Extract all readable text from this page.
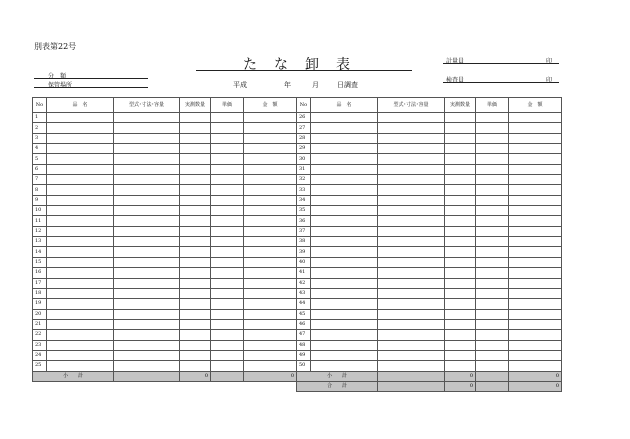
別表第22号
たな卸表
分　類
保管場所	平成	年	月	日調査
計量員	印
検査員	印
No	品　名	型式･寸法･容量	実測数量	単価	金　額
1					
2					
3					
4					
5					
6					
7					
8					
9					
10					
11					
12					
13					
14					
15					
16					
17					
18					
19					
20					
21					
22					
23					
24					
25					
小　　計			0		0
No	品　名	型式･寸法･容量	実測数量	単価	金　額
26					
27					
28					
29					
30					
31					
32					
33					
34					
35					
36					
37					
38					
39					
40					
41					
42					
43					
44					
45					
46					
47					
48					
49					
50					
小　　計			0		0
合　　計			0		0
